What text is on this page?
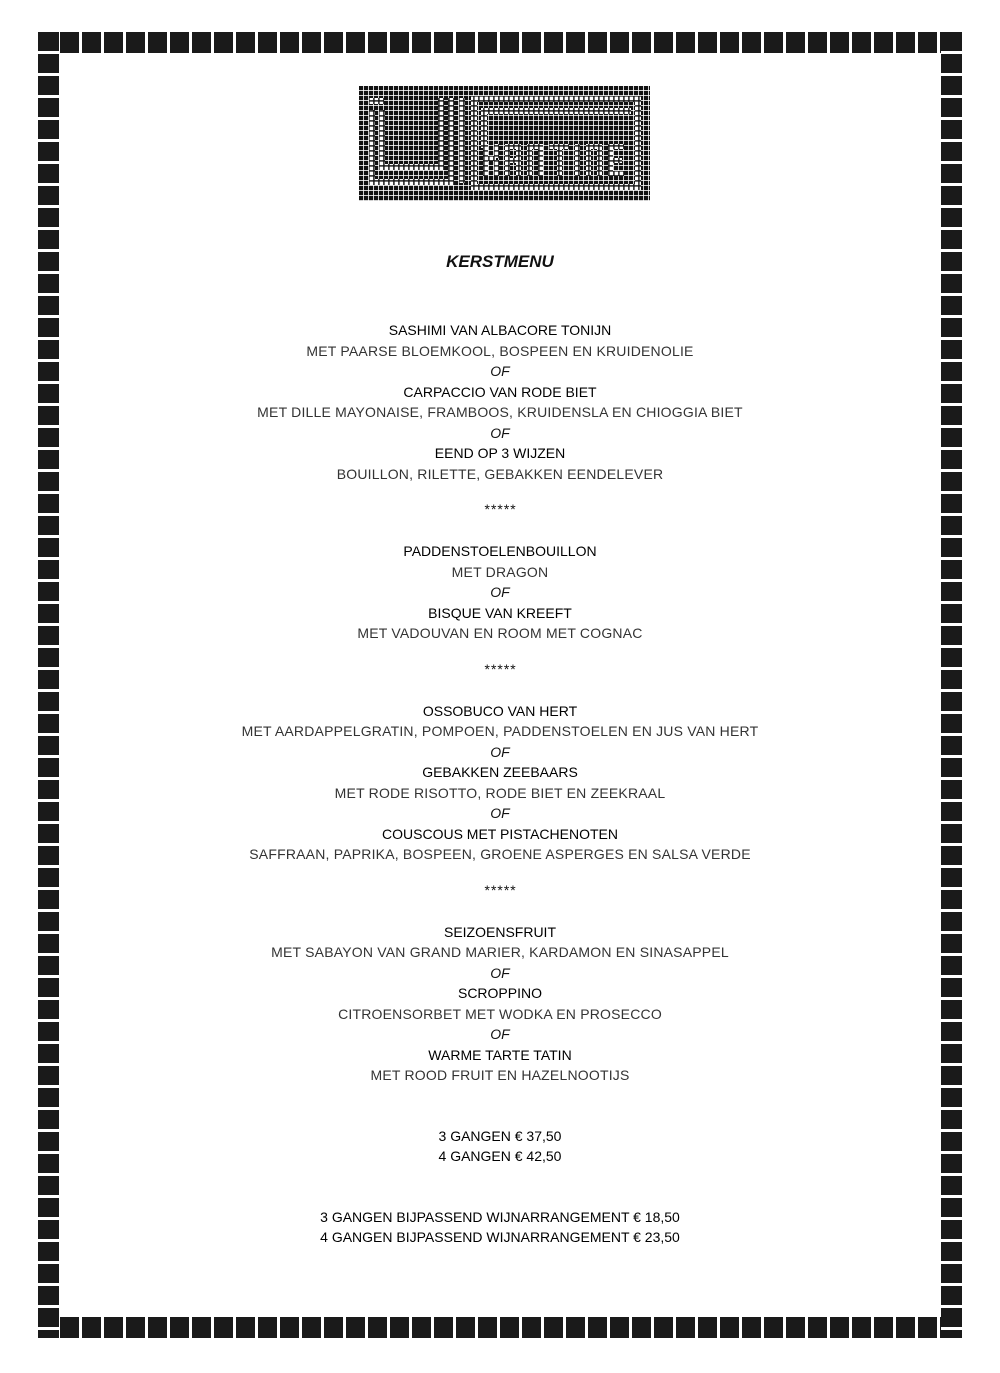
KERSTMENU
SASHIMI VAN ALBACORE TONIJN
MET PAARSE BLOEMKOOL, BOSPEEN EN KRUIDENOLIE
OF
CARPACCIO VAN RODE BIET
MET DILLE MAYONAISE, FRAMBOOS, KRUIDENSLA EN CHIOGGIA BIET
OF
EEND OP 3 WIJZEN
BOUILLON, RILETTE, GEBAKKEN EENDELEVER
*****
PADDENSTOELENBOUILLON
MET DRAGON
OF
BISQUE VAN KREEFT
MET VADOUVAN EN ROOM MET COGNAC
*****
OSSOBUCO VAN HERT
MET AARDAPPELGRATIN, POMPOEN, PADDENSTOELEN EN JUS VAN HERT
OF
GEBAKKEN ZEEBAARS
MET RODE RISOTTO, RODE BIET EN ZEEKRAAL
OF
COUSCOUS MET PISTACHENOTEN
SAFFRAAN, PAPRIKA, BOSPEEN, GROENE ASPERGES EN SALSA VERDE
*****
SEIZOENSFRUIT
MET SABAYON VAN GRAND MARIER, KARDAMON EN SINASAPPEL
OF
SCROPPINO
CITROENSORBET MET WODKA EN PROSECCO
OF
WARME TARTE TATIN
MET ROOD FRUIT EN HAZELNOOTIJS
3 GANGEN € 37,50
4 GANGEN € 42,50
3 GANGEN BIJPASSEND WIJNARRANGEMENT € 18,50
4 GANGEN BIJPASSEND WIJNARRANGEMENT € 23,50
